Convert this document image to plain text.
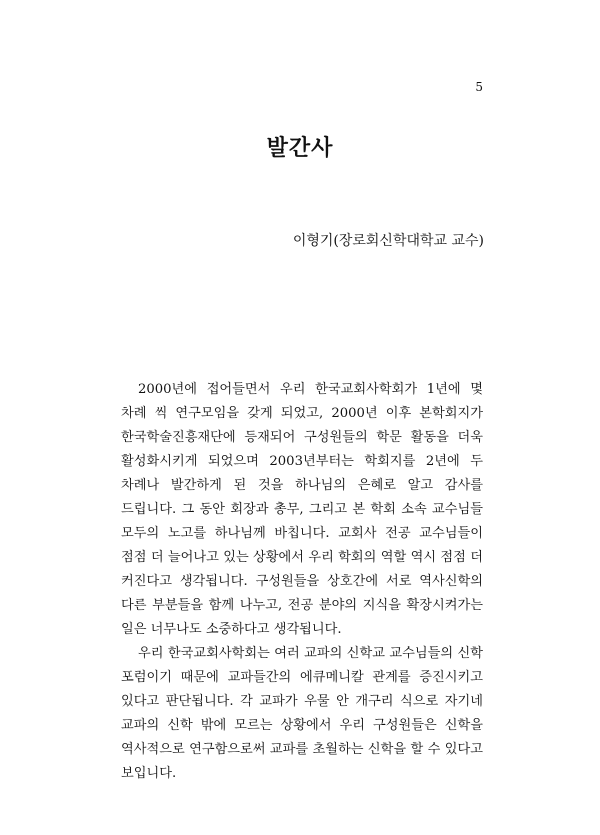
5
발간사
이형기(장로회신학대학교 교수)

2000년에 접어들면서 우리 한국교회사학회가 1년에 몇 차례 씩 연구모임을 갖게 되었고, 2000년 이후 본학회지가 한국학술진흥재단에 등재되어 구성원들의 학문 활동을 더욱 활성화시키게 되었으며 2003년부터는 학회지를 2년에 두 차례나 발간하게 된 것을 하나님의 은혜로 알고 감사를 드립니다. 그 동안 회장과 총무, 그리고 본 학회 소속 교수님들 모두의 노고를 하나님께 바칩니다. 교회사 전공 교수님들이 점점 더 늘어나고 있는 상황에서 우리 학회의 역할 역시 점점 더 커진다고 생각됩니다. 구성원들을 상호간에 서로 역사신학의 다른 부분들을 함께 나누고, 전공 분야의 지식을 확장시켜가는 일은 너무나도 소중하다고 생각됩니다.

우리 한국교회사학회는 여러 교파의 신학교 교수님들의 신학 포럼이기 때문에 교파들간의 에큐메니칼 관계를 증진시키고 있다고 판단됩니다. 각 교파가 우물 안 개구리 식으로 자기네 교파의 신학 밖에 모르는 상황에서 우리 구성원들은 신학을 역사적으로 연구함으로써 교파를 초월하는 신학을 할 수 있다고 보입니다.
